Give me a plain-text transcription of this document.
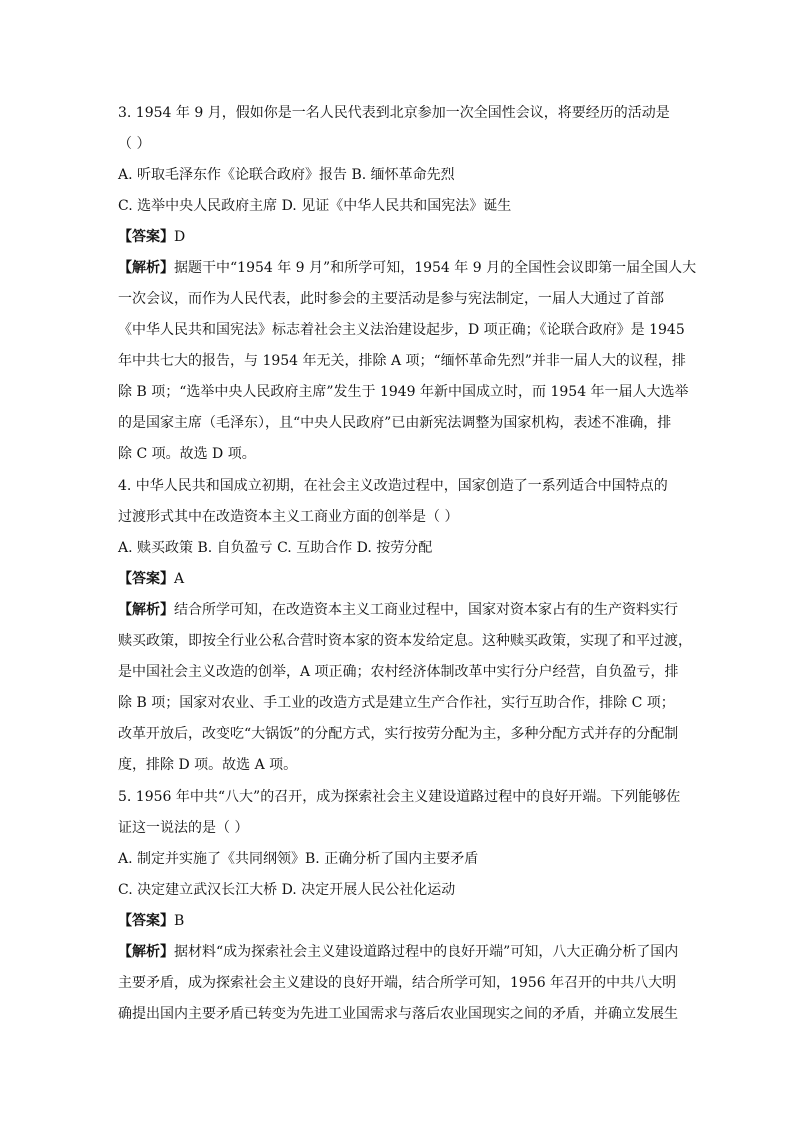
3. 1954 年 9 月，假如你是一名人民代表到北京参加一次全国性会议，将要经历的活动是
（ ）
A. 听取毛泽东作《论联合政府》报告 B. 缅怀革命先烈
C. 选举中央人民政府主席 D. 见证《中华人民共和国宪法》诞生
【答案】D
【解析】据题干中“1954 年 9 月”和所学可知，1954 年 9 月的全国性会议即第一届全国人大
一次会议，而作为人民代表，此时参会的主要活动是参与宪法制定，一届人大通过了首部
《中华人民共和国宪法》标志着社会主义法治建设起步，D 项正确；《论联合政府》是 1945
年中共七大的报告，与 1954 年无关，排除 A 项；“缅怀革命先烈”并非一届人大的议程，排
除 B 项；“选举中央人民政府主席”发生于 1949 年新中国成立时，而 1954 年一届人大选举
的是国家主席（毛泽东），且“中央人民政府”已由新宪法调整为国家机构，表述不准确，排
除 C 项。故选 D 项。
4. 中华人民共和国成立初期，在社会主义改造过程中，国家创造了一系列适合中国特点的
过渡形式其中在改造资本主义工商业方面的创举是（ ）
A. 赎买政策 B. 自负盈亏 C. 互助合作 D. 按劳分配
【答案】A
【解析】结合所学可知，在改造资本主义工商业过程中，国家对资本家占有的生产资料实行
赎买政策，即按全行业公私合营时资本家的资本发给定息。这种赎买政策，实现了和平过渡，
是中国社会主义改造的创举，A 项正确；农村经济体制改革中实行分户经营，自负盈亏，排
除 B 项；国家对农业、手工业的改造方式是建立生产合作社，实行互助合作，排除 C 项；
改革开放后，改变吃“大锅饭”的分配方式，实行按劳分配为主，多种分配方式并存的分配制
度，排除 D 项。故选 A 项。
5. 1956 年中共“八大”的召开，成为探索社会主义建设道路过程中的良好开端。下列能够佐
证这一说法的是（ ）
A. 制定并实施了《共同纲领》B. 正确分析了国内主要矛盾
C. 决定建立武汉长江大桥 D. 决定开展人民公社化运动
【答案】B
【解析】据材料“成为探索社会主义建设道路过程中的良好开端”可知，八大正确分析了国内
主要矛盾，成为探索社会主义建设的良好开端，结合所学可知，1956 年召开的中共八大明
确提出国内主要矛盾已转变为先进工业国需求与落后农业国现实之间的矛盾，并确立发展生
